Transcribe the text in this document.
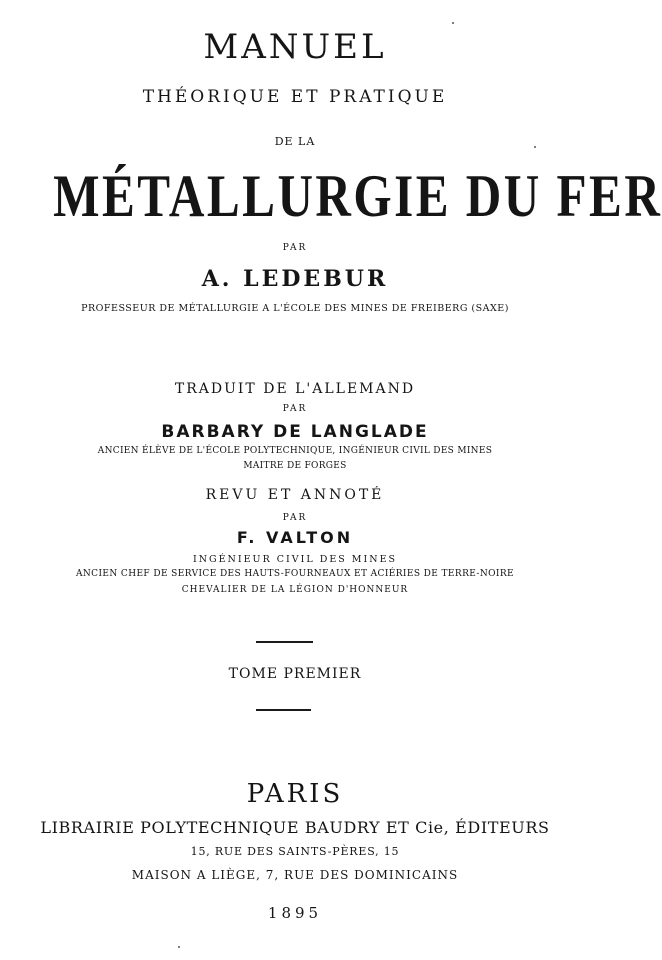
MANUEL
THÉORIQUE ET PRATIQUE
DE LA
MÉTALLURGIE DU FER
PAR
A. LEDEBUR
PROFESSEUR DE MÉTALLURGIE A L'ÉCOLE DES MINES DE FREIBERG (SAXE)
TRADUIT DE L'ALLEMAND
PAR
BARBARY DE LANGLADE
ANCIEN ÉLÈVE DE L'ÉCOLE POLYTECHNIQUE, INGÉNIEUR CIVIL DES MINES
MAITRE DE FORGES
REVU ET ANNOTÉ
PAR
F. VALTON
INGÉNIEUR CIVIL DES MINES
ANCIEN CHEF DE SERVICE DES HAUTS-FOURNEAUX ET ACIÉRIES DE TERRE-NOIRE
CHEVALIER DE LA LÉGION D'HONNEUR
TOME PREMIER
PARIS
LIBRAIRIE POLYTECHNIQUE BAUDRY ET Cie, ÉDITEURS
15, RUE DES SAINTS-PÈRES, 15
MAISON A LIÈGE, 7, RUE DES DOMINICAINS
1895
